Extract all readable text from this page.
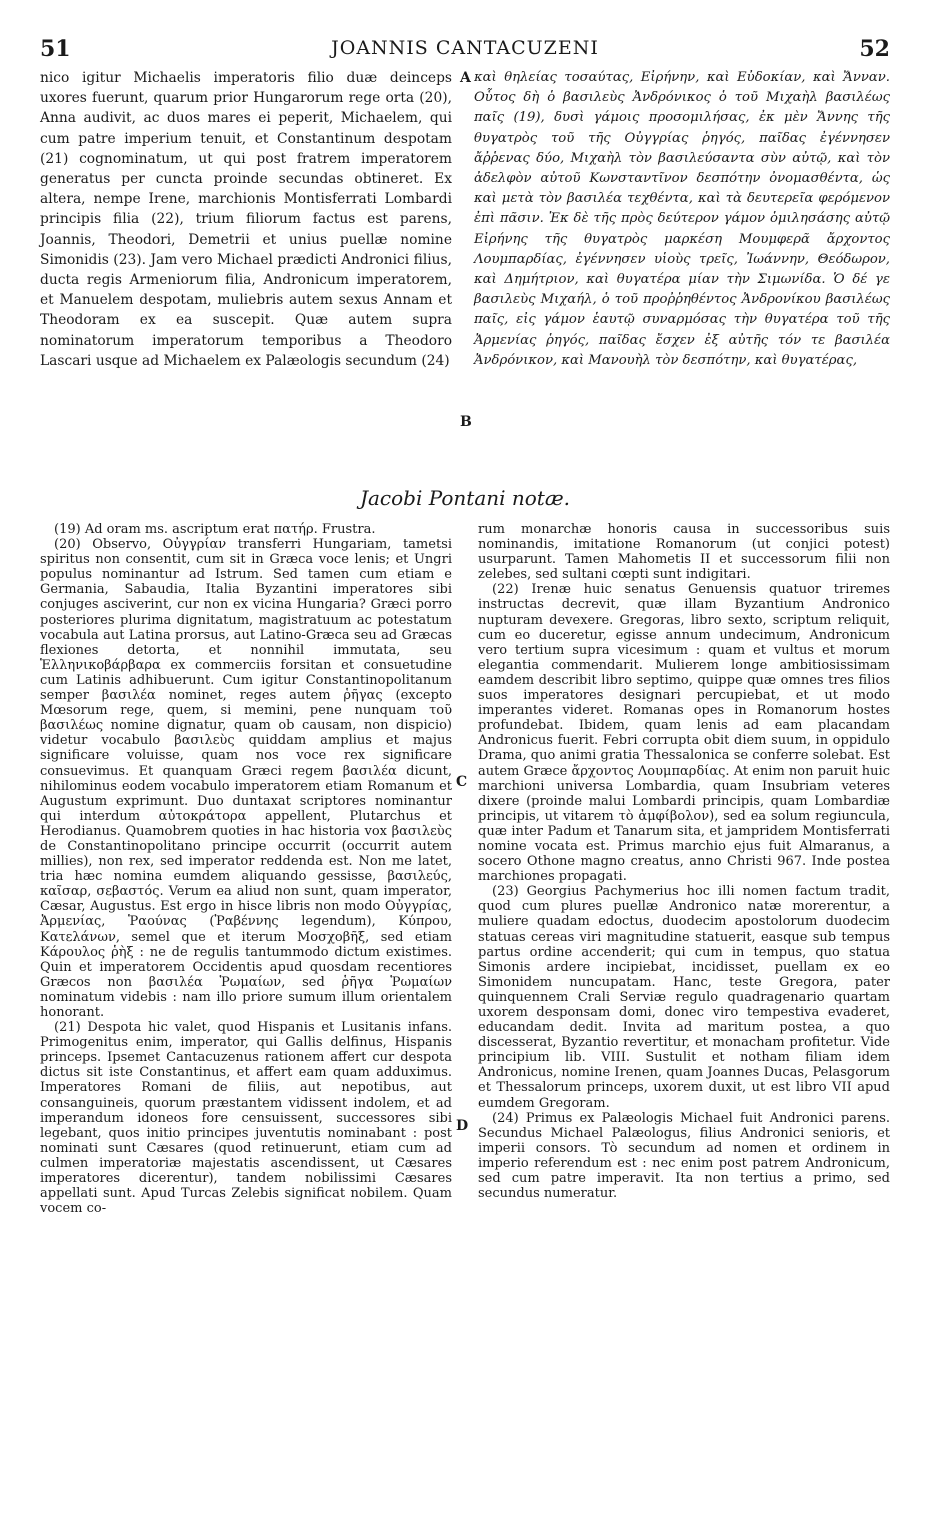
51	JOANNIS CANTACUZENI	52

nico igitur Michaelis imperatoris filio duæ deinceps uxores fuerunt, quarum prior Hungarorum rege orta (20), Anna audivit, ac duos mares ei peperit, Michaelem, qui cum patre imperium tenuit, et Constantinum despotam (21) cognominatum, ut qui post fratrem imperatorem generatus per cuncta proinde secundas obtineret. Ex altera, nempe Irene, marchionis Montisferrati Lombardi principis filia (22), trium filiorum factus est parens, Joannis, Theodori, Demetrii et unius puellæ nomine Simonidis (23). Jam vero Michael prædicti Andronici filius, ducta regis Armeniorum filia, Andronicum imperatorem, et Manuelem despotam, muliebris autem sexus Annam et Theodoram ex ea suscepit. Quæ autem supra nominatorum imperatorum temporibus a Theodoro Lascari usque ad Michaelem ex Palæologis secundum (24)

καὶ θηλείας τοσαύτας, Εἰρήνην, καὶ Εὐδοκίαν, καὶ Ἄνναν. Οὗτος δὴ ὁ βασιλεὺς Ἀνδρόνικος ὁ τοῦ Μιχαὴλ βασιλέως παῖς (19), δυσὶ γάμοις προσομιλήσας, ἐκ μὲν Ἄννης τῆς θυγατρὸς τοῦ τῆς Οὐγγρίας ῥηγός, παῖδας ἐγέννησεν ἄῤῥενας δύο, Μιχαὴλ τὸν βασιλεύσαντα σὺν αὐτῷ, καὶ τὸν ἀδελφὸν αὐτοῦ Κωνσταντῖνον δεσπότην ὀνομασθέντα, ὡς καὶ μετὰ τὸν βασιλέα τεχθέντα, καὶ τὰ δευτερεῖα φερόμενον ἐπὶ πᾶσιν. Ἐκ δὲ τῆς πρὸς δεύτερον γάμον ὁμιλησάσης αὐτῷ Εἰρήνης τῆς θυγατρὸς μαρκέση Μουμφερᾶ ἄρχοντος Λουμπαρδίας, ἐγέννησεν υἱοὺς τρεῖς, Ἰωάννην, Θεόδωρον, καὶ Δημήτριον, καὶ θυγατέρα μίαν τὴν Σιμωνίδα. Ὁ δέ γε βασιλεὺς Μιχαήλ, ὁ τοῦ προῤῥηθέντος Ἀνδρονίκου βασιλέως παῖς, εἰς γάμον ἑαυτῷ συναρμόσας τὴν θυγατέρα τοῦ τῆς Ἀρμενίας ῥηγός, παῖδας ἔσχεν ἐξ αὐτῆς τόν τε βασιλέα Ἀνδρόνικον, καὶ Μανουὴλ τὸν δεσπότην, καὶ θυγατέρας,

A
B
C
D
Jacobi Pontani notæ.

(19) Ad oram ms. ascriptum erat πατήρ. Frustra.

(20) Observo, Οὐγγρίαν transferri Hungariam, tametsi spiritus non consentit, cum sit in Græca voce lenis; et Ungri populus nominantur ad Istrum. Sed tamen cum etiam e Germania, Sabaudia, Italia Byzantini imperatores sibi conjuges asciverint, cur non ex vicina Hungaria? Græci porro posteriores plurima dignitatum, magistratuum ac potestatum vocabula aut Latina prorsus, aut Latino-Græca seu ad Græcas flexiones detorta, et nonnihil immutata, seu Ἑλληνικοβάρβαρα ex commerciis forsitan et consuetudine cum Latinis adhibuerunt. Cum igitur Constantinopolitanum semper βασιλέα nominet, reges autem ῥῆγας (excepto Mœsorum rege, quem, si memini, pene nunquam τοῦ βασιλέως nomine dignatur, quam ob causam, non dispicio) videtur vocabulo βασιλεὺς quiddam amplius et majus significare voluisse, quam nos voce rex significare consuevimus. Et quanquam Græci regem βασιλέα dicunt, nihilominus eodem vocabulo imperatorem etiam Romanum et Augustum exprimunt. Duo duntaxat scriptores nominantur qui interdum αὐτοκράτορα appellent, Plutarchus et Herodianus. Quamobrem quoties in hac historia vox βασιλεὺς de Constantinopolitano principe occurrit (occurrit autem millies), non rex, sed imperator reddenda est. Non me latet, tria hæc nomina eumdem aliquando gessisse, βασιλεύς, καῖσαρ, σεβαστός. Verum ea aliud non sunt, quam imperator, Cæsar, Augustus. Est ergo in hisce libris non modo Οὐγγρίας, Ἀρμενίας, Ῥαούνας (Ῥαβέννης legendum), Κύπρου, Κατελάνων, semel que et iterum Μοσχοβῆξ, sed etiam Κάρουλος ῥὴξ : ne de regulis tantummodo dictum existimes. Quin et imperatorem Occidentis apud quosdam recentiores Græcos non βασιλέα Ῥωμαίων, sed ῥῆγα Ῥωμαίων nominatum videbis : nam illo priore sumum illum orientalem honorant.

(21) Despota hic valet, quod Hispanis et Lusitanis infans. Primogenitus enim, imperator, qui Gallis delfinus, Hispanis princeps. Ipsemet Cantacuzenus rationem affert cur despota dictus sit iste Constantinus, et affert eam quam adduximus. Imperatores Romani de filiis, aut nepotibus, aut consanguineis, quorum præstantem vidissent indolem, et ad imperandum idoneos fore censuissent, successores sibi legebant, quos initio principes juventutis nominabant : post nominati sunt Cæsares (quod retinuerunt, etiam cum ad culmen imperatoriæ majestatis ascendissent, ut Cæsares imperatores dicerentur), tandem nobilissimi Cæsares appellati sunt. Apud Turcas Zelebis significat nobilem. Quam vocem co-

rum monarchæ honoris causa in successoribus suis nominandis, imitatione Romanorum (ut conjici potest) usurparunt. Tamen Mahometis II et successorum filii non zelebes, sed sultani cœpti sunt indigitari.

(22) Irenæ huic senatus Genuensis quatuor triremes instructas decrevit, quæ illam Byzantium Andronico nupturam devexere. Gregoras, libro sexto, scriptum reliquit, cum eo duceretur, egisse annum undecimum, Andronicum vero tertium supra vicesimum : quam et vultus et morum elegantia commendarit. Mulierem longe ambitiosissimam eamdem describit libro septimo, quippe quæ omnes tres filios suos imperatores designari percupiebat, et ut modo imperantes videret. Romanas opes in Romanorum hostes profundebat. Ibidem, quam lenis ad eam placandam Andronicus fuerit. Febri corrupta obit diem suum, in oppidulo Drama, quo animi gratia Thessalonica se conferre solebat. Est autem Græce ἄρχοντος Λουμπαρδίας. At enim non paruit huic marchioni universa Lombardia, quam Insubriam veteres dixere (proinde malui Lombardi principis, quam Lombardiæ principis, ut vitarem τὸ ἀμφίβολον), sed ea solum regiuncula, quæ inter Padum et Tanarum sita, et jampridem Montisferrati nomine vocata est. Primus marchio ejus fuit Almaranus, a socero Othone magno creatus, anno Christi 967. Inde postea marchiones propagati.

(23) Georgius Pachymerius hoc illi nomen factum tradit, quod cum plures puellæ Andronico natæ morerentur, a muliere quadam edoctus, duodecim apostolorum duodecim statuas cereas viri magnitudine statuerit, easque sub tempus partus ordine accenderit; qui cum in tempus, quo statua Simonis ardere incipiebat, incidisset, puellam ex eo Simonidem nuncupatam. Hanc, teste Gregora, pater quinquennem Crali Serviæ regulo quadragenario quartam uxorem desponsam domi, donec viro tempestiva evaderet, educandam dedit. Invita ad maritum postea, a quo discesserat, Byzantio revertitur, et monacham profitetur. Vide principium lib. VIII. Sustulit et notham filiam idem Andronicus, nomine Irenen, quam Joannes Ducas, Pelasgorum et Thessalorum princeps, uxorem duxit, ut est libro VII apud eumdem Gregoram.

(24) Primus ex Palæologis Michael fuit Andronici parens. Secundus Michael Palæologus, filius Andronici senioris, et imperii consors. Tò secundum ad nomen et ordinem in imperio referendum est : nec enim post patrem Andronicum, sed cum patre imperavit. Ita non tertius a primo, sed secundus numeratur.
